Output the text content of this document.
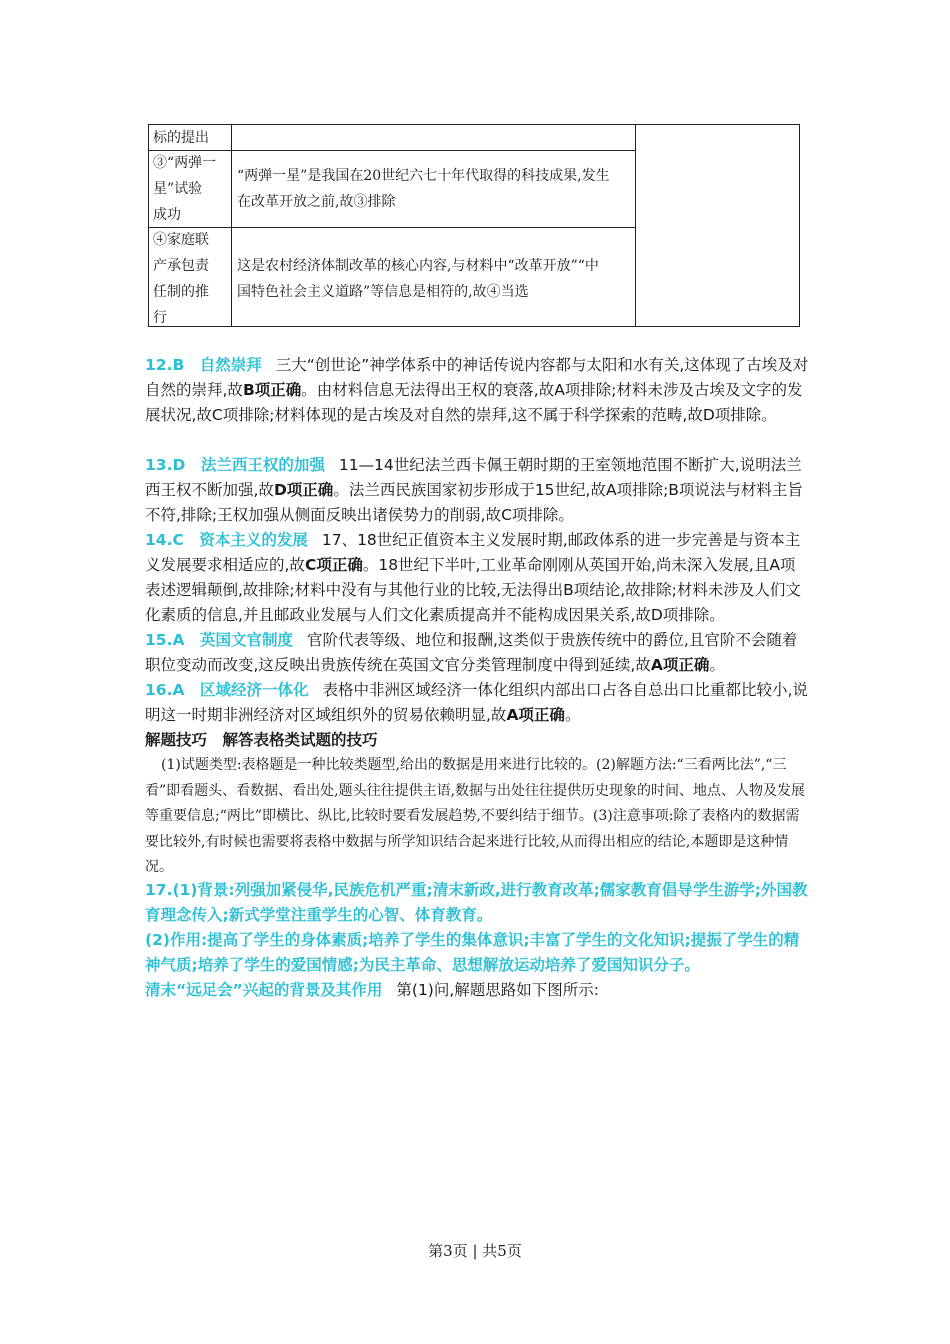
标的提出
③“两弹一
星”试验
成功
“两弹一星”是我国在20世纪六七十年代取得的科技成果,发生
在改革开放之前,故③排除
④家庭联
产承包责
任制的推
行
这是农村经济体制改革的核心内容,与材料中“改革开放”“中
国特色社会主义道路”等信息是相符的,故④当选
12.B　自然崇拜 三大“创世论”神学体系中的神话传说内容都与太阳和水有关,这体现了古埃及对自然的崇拜,故B项正确。由材料信息无法得出王权的衰落,故A项排除;材料未涉及古埃及文字的发展状况,故C项排除;材料体现的是古埃及对自然的崇拜,这不属于科学探索的范畴,故D项排除。
13.D　法兰西王权的加强 11—14世纪法兰西卡佩王朝时期的王室领地范围不断扩大,说明法兰西王权不断加强,故D项正确。法兰西民族国家初步形成于15世纪,故A项排除;B项说法与材料主旨不符,排除;王权加强从侧面反映出诸侯势力的削弱,故C项排除。
14.C　资本主义的发展 17、18世纪正值资本主义发展时期,邮政体系的进一步完善是与资本主义发展要求相适应的,故C项正确。18世纪下半叶,工业革命刚刚从英国开始,尚未深入发展,且A项表述逻辑颠倒,故排除;材料中没有与其他行业的比较,无法得出B项结论,故排除;材料未涉及人们文化素质的信息,并且邮政业发展与人们文化素质提高并不能构成因果关系,故D项排除。
15.A　英国文官制度 官阶代表等级、地位和报酬,这类似于贵族传统中的爵位,且官阶不会随着职位变动而改变,这反映出贵族传统在英国文官分类管理制度中得到延续,故A项正确。
16.A　区域经济一体化 表格中非洲区域经济一体化组织内部出口占各自总出口比重都比较小,说明这一时期非洲经济对区域组织外的贸易依赖明显,故A项正确。
解题技巧　解答表格类试题的技巧
(1)试题类型:表格题是一种比较类题型,给出的数据是用来进行比较的。(2)解题方法:“三看两比法”,“三看”即看题头、看数据、看出处,题头往往提供主语,数据与出处往往提供历史现象的时间、地点、人物及发展等重要信息;“两比”即横比、纵比,比较时要看发展趋势,不要纠结于细节。(3)注意事项:除了表格内的数据需要比较外,有时候也需要将表格中数据与所学知识结合起来进行比较,从而得出相应的结论,本题即是这种情况。
17.(1)背景:列强加紧侵华,民族危机严重;清末新政,进行教育改革;儒家教育倡导学生游学;外国教育理念传入;新式学堂注重学生的心智、体育教育。
(2)作用:提高了学生的身体素质;培养了学生的集体意识;丰富了学生的文化知识;提振了学生的精神气质;培养了学生的爱国情感;为民主革命、思想解放运动培养了爱国知识分子。
清末“远足会”兴起的背景及其作用 第(1)问,解题思路如下图所示:
第3页 | 共5页
